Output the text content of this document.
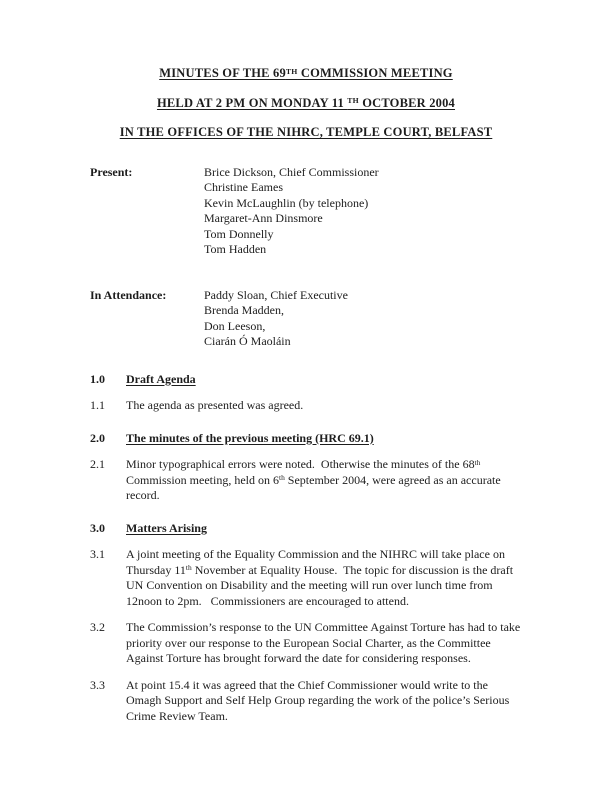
MINUTES OF THE 69TH COMMISSION MEETING
HELD AT 2 PM ON MONDAY 11 $^{TH}$ OCTOBER 2004
IN THE OFFICES OF THE NIHRC, TEMPLE COURT, BELFAST
Present:	Brice Dickson, Chief Commissioner
Christine Eames
Kevin McLaughlin (by telephone)
Margaret-Ann Dinsmore
Tom Donnelly
Tom Hadden
In Attendance:	Paddy Sloan, Chief Executive
Brenda Madden,
Don Leeson,
Ciarán Ó Maoláin
1.0	Draft Agenda
1.1	The agenda as presented was agreed.
2.0	The minutes of the previous meeting (HRC 69.1)
2.1	Minor typographical errors were noted.  Otherwise the minutes of the 68th Commission meeting, held on 6th September 2004, were agreed as an accurate record.
3.0	Matters Arising
3.1	A joint meeting of the Equality Commission and the NIHRC will take place on Thursday 11th November at Equality House.  The topic for discussion is the draft UN Convention on Disability and the meeting will run over lunch time from 12noon to 2pm.   Commissioners are encouraged to attend.
3.2	The Commission’s response to the UN Committee Against Torture has had to take priority over our response to the European Social Charter, as the Committee Against Torture has brought forward the date for considering responses.
3.3	At point 15.4 it was agreed that the Chief Commissioner would write to the Omagh Support and Self Help Group regarding the work of the police’s Serious Crime Review Team.
